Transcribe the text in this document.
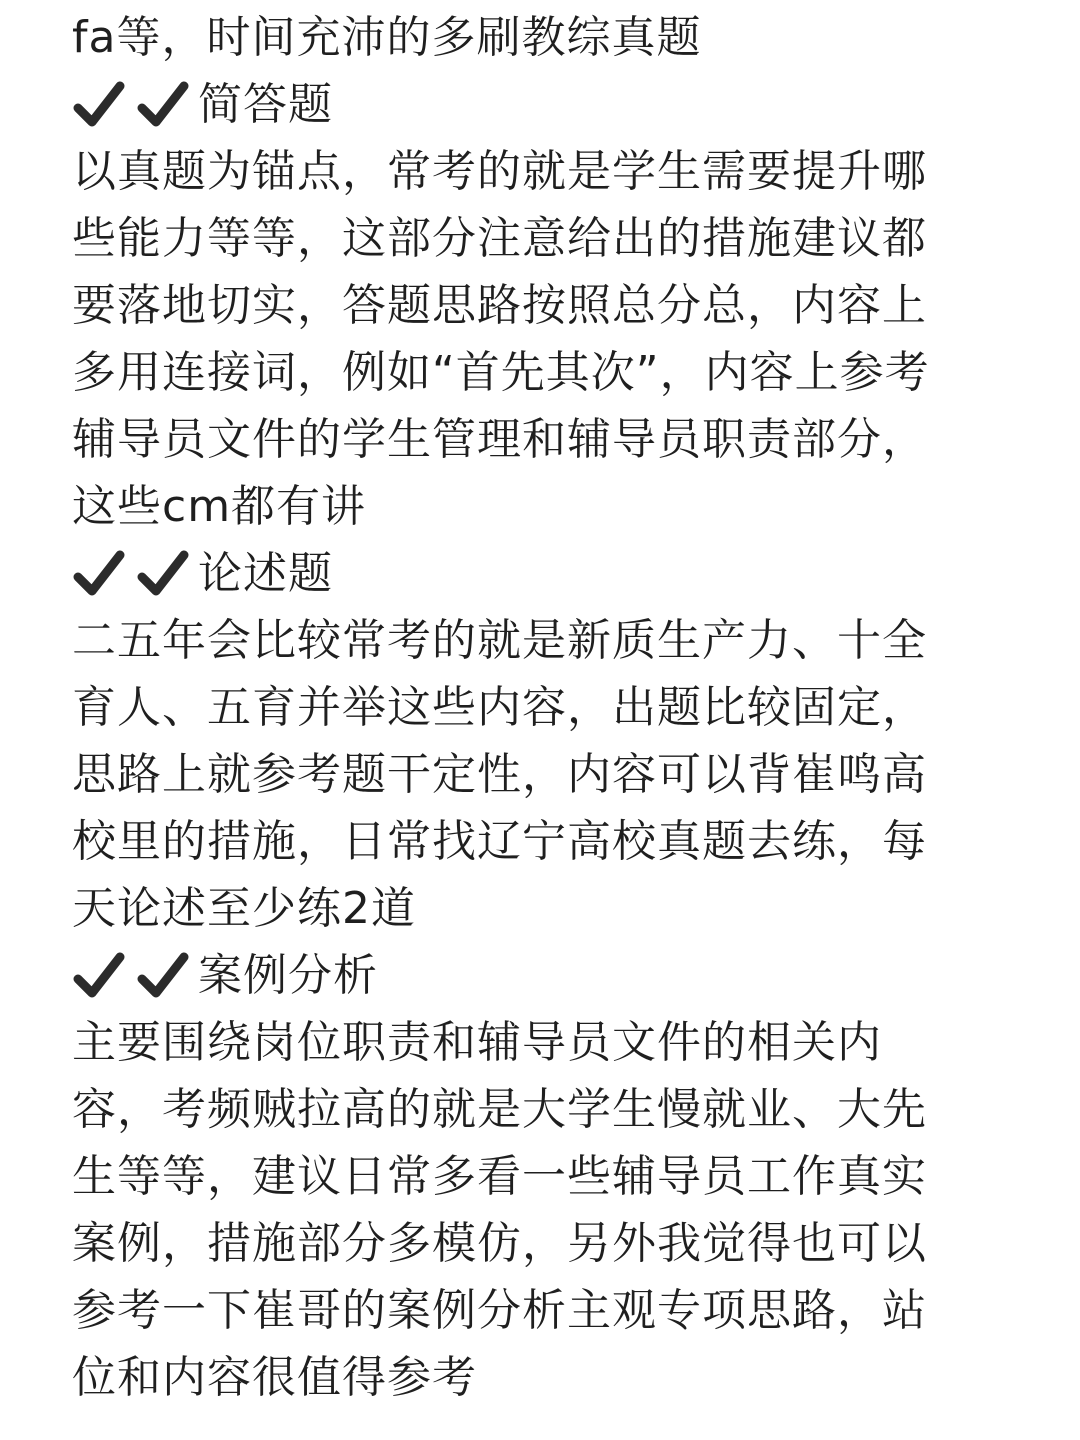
fa等，时间充沛的多刷教综真题
简答题
以真题为锚点，常考的就是学生需要提升哪
些能力等等，这部分注意给出的措施建议都
要落地切实，答题思路按照总分总，内容上
多用连接词，例如“首先其次”，内容上参考
辅导员文件的学生管理和辅导员职责部分，
这些cm都有讲
论述题
二五年会比较常考的就是新质生产力、十全
育人、五育并举这些内容，出题比较固定，
思路上就参考题干定性，内容可以背崔鸣高
校里的措施，日常找辽宁高校真题去练，每
天论述至少练2道
案例分析
主要围绕岗位职责和辅导员文件的相关内
容，考频贼拉高的就是大学生慢就业、大先
生等等，建议日常多看一些辅导员工作真实
案例，措施部分多模仿，另外我觉得也可以
参考一下崔哥的案例分析主观专项思路，站
位和内容很值得参考
